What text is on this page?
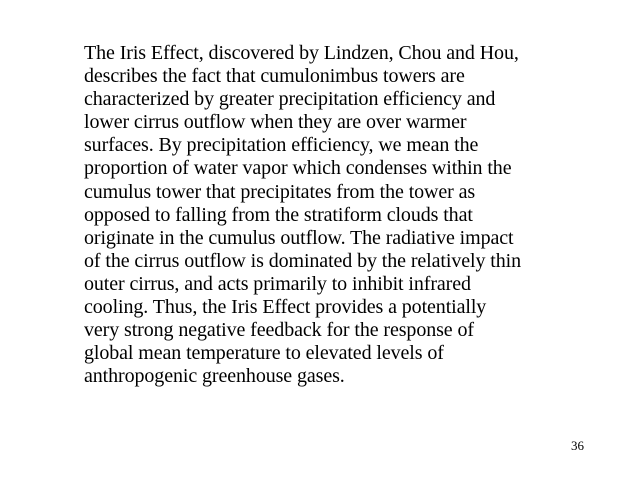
The Iris Effect, discovered by Lindzen, Chou and Hou,
describes the fact that cumulonimbus towers are
characterized by greater precipitation efficiency and
lower cirrus outflow when they are over warmer
surfaces. By precipitation efficiency, we mean the
proportion of water vapor which condenses within the
cumulus tower that precipitates from the tower as
opposed to falling from the stratiform clouds that
originate in the cumulus outflow. The radiative impact
of the cirrus outflow is dominated by the relatively thin
outer cirrus, and acts primarily to inhibit infrared
cooling. Thus, the Iris Effect provides a potentially
very strong negative feedback for the response of
global mean temperature to elevated levels of
anthropogenic greenhouse gases.

36
